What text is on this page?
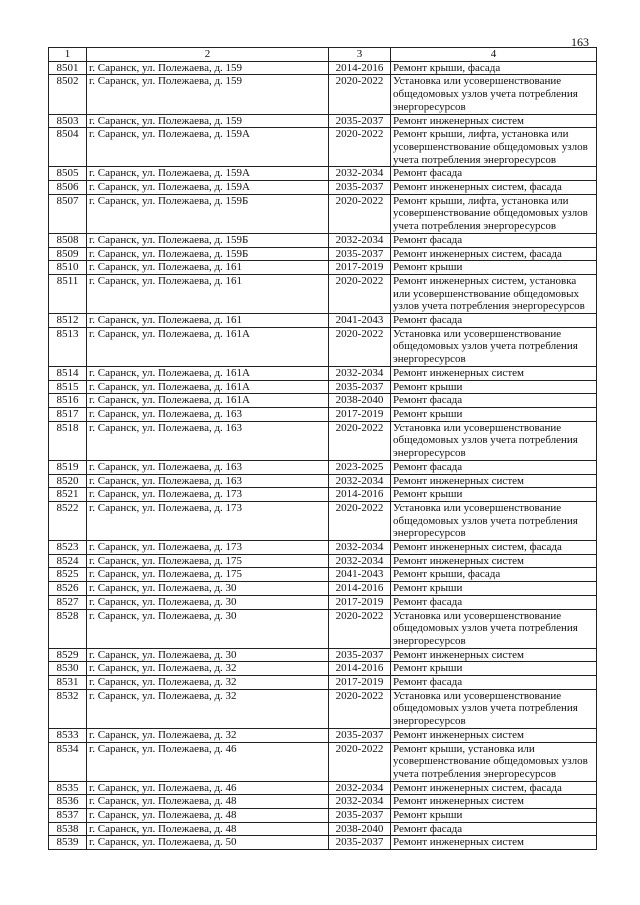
163
1	2	3	4
8501	г. Саранск, ул. Полежаева, д. 159	2014-2016	Ремонт крыши, фасада
8502	г. Саранск, ул. Полежаева, д. 159	2020-2022	Установка или усовершенствование общедомовых узлов учета потребления энергоресурсов
8503	г. Саранск, ул. Полежаева, д. 159	2035-2037	Ремонт инженерных систем
8504	г. Саранск, ул. Полежаева, д. 159А	2020-2022	Ремонт крыши, лифта, установка или усовершенствование общедомовых узлов учета потребления энергоресурсов
8505	г. Саранск, ул. Полежаева, д. 159А	2032-2034	Ремонт фасада
8506	г. Саранск, ул. Полежаева, д. 159А	2035-2037	Ремонт инженерных систем, фасада
8507	г. Саранск, ул. Полежаева, д. 159Б	2020-2022	Ремонт крыши, лифта, установка или усовершенствование общедомовых узлов учета потребления энергоресурсов
8508	г. Саранск, ул. Полежаева, д. 159Б	2032-2034	Ремонт фасада
8509	г. Саранск, ул. Полежаева, д. 159Б	2035-2037	Ремонт инженерных систем, фасада
8510	г. Саранск, ул. Полежаева, д. 161	2017-2019	Ремонт крыши
8511	г. Саранск, ул. Полежаева, д. 161	2020-2022	Ремонт инженерных систем, установка или усовершенствование общедомовых узлов учета потребления энергоресурсов
8512	г. Саранск, ул. Полежаева, д. 161	2041-2043	Ремонт фасада
8513	г. Саранск, ул. Полежаева, д. 161А	2020-2022	Установка или усовершенствование общедомовых узлов учета потребления энергоресурсов
8514	г. Саранск, ул. Полежаева, д. 161А	2032-2034	Ремонт инженерных систем
8515	г. Саранск, ул. Полежаева, д. 161А	2035-2037	Ремонт крыши
8516	г. Саранск, ул. Полежаева, д. 161А	2038-2040	Ремонт фасада
8517	г. Саранск, ул. Полежаева, д. 163	2017-2019	Ремонт крыши
8518	г. Саранск, ул. Полежаева, д. 163	2020-2022	Установка или усовершенствование общедомовых узлов учета потребления энергоресурсов
8519	г. Саранск, ул. Полежаева, д. 163	2023-2025	Ремонт фасада
8520	г. Саранск, ул. Полежаева, д. 163	2032-2034	Ремонт инженерных систем
8521	г. Саранск, ул. Полежаева, д. 173	2014-2016	Ремонт крыши
8522	г. Саранск, ул. Полежаева, д. 173	2020-2022	Установка или усовершенствование общедомовых узлов учета потребления энергоресурсов
8523	г. Саранск, ул. Полежаева, д. 173	2032-2034	Ремонт инженерных систем, фасада
8524	г. Саранск, ул. Полежаева, д. 175	2032-2034	Ремонт инженерных систем
8525	г. Саранск, ул. Полежаева, д. 175	2041-2043	Ремонт крыши, фасада
8526	г. Саранск, ул. Полежаева, д. 30	2014-2016	Ремонт крыши
8527	г. Саранск, ул. Полежаева, д. 30	2017-2019	Ремонт фасада
8528	г. Саранск, ул. Полежаева, д. 30	2020-2022	Установка или усовершенствование общедомовых узлов учета потребления энергоресурсов
8529	г. Саранск, ул. Полежаева, д. 30	2035-2037	Ремонт инженерных систем
8530	г. Саранск, ул. Полежаева, д. 32	2014-2016	Ремонт крыши
8531	г. Саранск, ул. Полежаева, д. 32	2017-2019	Ремонт фасада
8532	г. Саранск, ул. Полежаева, д. 32	2020-2022	Установка или усовершенствование общедомовых узлов учета потребления энергоресурсов
8533	г. Саранск, ул. Полежаева, д. 32	2035-2037	Ремонт инженерных систем
8534	г. Саранск, ул. Полежаева, д. 46	2020-2022	Ремонт крыши, установка или усовершенствование общедомовых узлов учета потребления энергоресурсов
8535	г. Саранск, ул. Полежаева, д. 46	2032-2034	Ремонт инженерных систем, фасада
8536	г. Саранск, ул. Полежаева, д. 48	2032-2034	Ремонт инженерных систем
8537	г. Саранск, ул. Полежаева, д. 48	2035-2037	Ремонт крыши
8538	г. Саранск, ул. Полежаева, д. 48	2038-2040	Ремонт фасада
8539	г. Саранск, ул. Полежаева, д. 50	2035-2037	Ремонт инженерных систем
